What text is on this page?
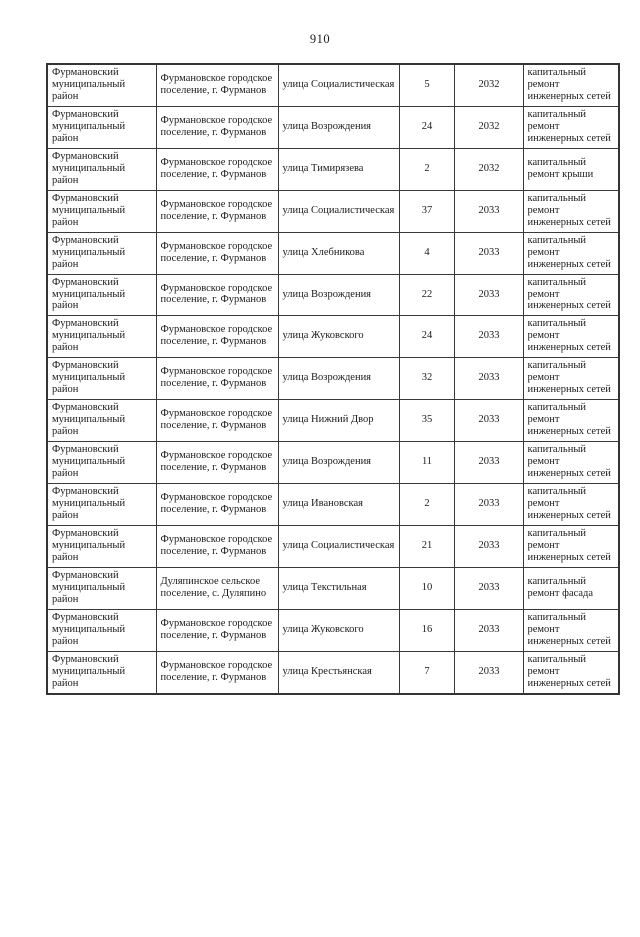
910
Фурмановский муниципальный район	Фурмановское городское поселение, г. Фурманов	улица Социалистическая	5	2032	капитальный ремонт инженерных сетей
Фурмановский муниципальный район	Фурмановское городское поселение, г. Фурманов	улица Возрождения	24	2032	капитальный ремонт инженерных сетей
Фурмановский муниципальный район	Фурмановское городское поселение, г. Фурманов	улица Тимирязева	2	2032	капитальный ремонт крыши
Фурмановский муниципальный район	Фурмановское городское поселение, г. Фурманов	улица Социалистическая	37	2033	капитальный ремонт инженерных сетей
Фурмановский муниципальный район	Фурмановское городское поселение, г. Фурманов	улица Хлебникова	4	2033	капитальный ремонт инженерных сетей
Фурмановский муниципальный район	Фурмановское городское поселение, г. Фурманов	улица Возрождения	22	2033	капитальный ремонт инженерных сетей
Фурмановский муниципальный район	Фурмановское городское поселение, г. Фурманов	улица Жуковского	24	2033	капитальный ремонт инженерных сетей
Фурмановский муниципальный район	Фурмановское городское поселение, г. Фурманов	улица Возрождения	32	2033	капитальный ремонт инженерных сетей
Фурмановский муниципальный район	Фурмановское городское поселение, г. Фурманов	улица Нижний Двор	35	2033	капитальный ремонт инженерных сетей
Фурмановский муниципальный район	Фурмановское городское поселение, г. Фурманов	улица Возрождения	11	2033	капитальный ремонт инженерных сетей
Фурмановский муниципальный район	Фурмановское городское поселение, г. Фурманов	улица Ивановская	2	2033	капитальный ремонт инженерных сетей
Фурмановский муниципальный район	Фурмановское городское поселение, г. Фурманов	улица Социалистическая	21	2033	капитальный ремонт инженерных сетей
Фурмановский муниципальный район	Дуляпинское сельское поселение, с. Дуляпино	улица Текстильная	10	2033	капитальный ремонт фасада
Фурмановский муниципальный район	Фурмановское городское поселение, г. Фурманов	улица Жуковского	16	2033	капитальный ремонт инженерных сетей
Фурмановский муниципальный район	Фурмановское городское поселение, г. Фурманов	улица Крестьянская	7	2033	капитальный ремонт инженерных сетей
